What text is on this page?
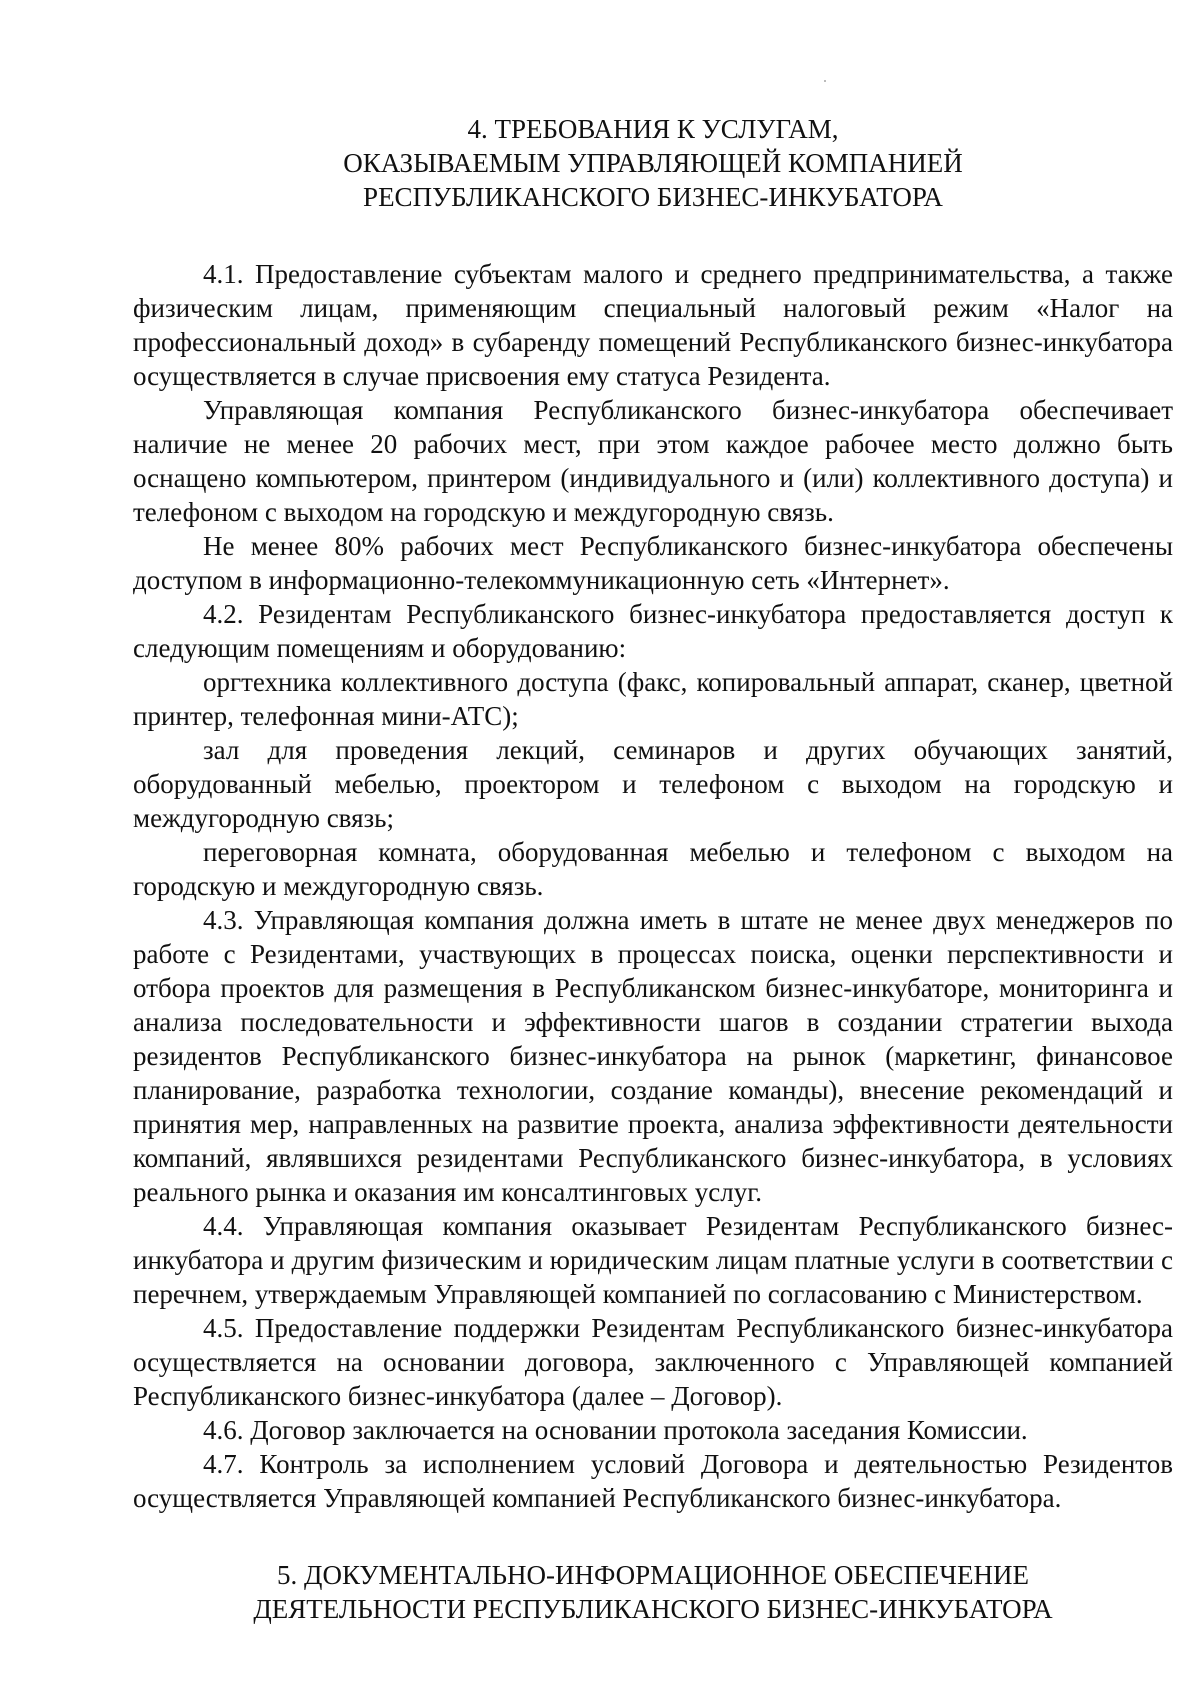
4. ТРЕБОВАНИЯ К УСЛУГАМ,
ОКАЗЫВАЕМЫМ УПРАВЛЯЮЩЕЙ КОМПАНИЕЙ
РЕСПУБЛИКАНСКОГО БИЗНЕС-ИНКУБАТОРА

4.1. Предоставление субъектам малого и среднего предпринимательства, а также физическим лицам, применяющим специальный налоговый режим «Налог на профессиональный доход» в субаренду помещений Республиканского бизнес-инкубатора осуществляется в случае присвоения ему статуса Резидента.

Управляющая компания Республиканского бизнес-инкубатора обеспечивает наличие не менее 20 рабочих мест, при этом каждое рабочее место должно быть оснащено компьютером, принтером (индивидуального и (или) коллективного доступа) и телефоном с выходом на городскую и междугородную связь.

Не менее 80% рабочих мест Республиканского бизнес-инкубатора обеспечены доступом в информационно-телекоммуникационную сеть «Интернет».

4.2. Резидентам Республиканского бизнес-инкубатора предоставляется доступ к следующим помещениям и оборудованию:

оргтехника коллективного доступа (факс, копировальный аппарат, сканер, цветной принтер, телефонная мини-АТС);

зал для проведения лекций, семинаров и других обучающих занятий, оборудованный мебелью, проектором и телефоном с выходом на городскую и междугородную связь;

переговорная комната, оборудованная мебелью и телефоном с выходом на городскую и междугородную связь.

4.3. Управляющая компания должна иметь в штате не менее двух менеджеров по работе с Резидентами, участвующих в процессах поиска, оценки перспективности и отбора проектов для размещения в Республиканском бизнес-инкубаторе, мониторинга и анализа последовательности и эффективности шагов в создании стратегии выхода резидентов Республиканского бизнес-инкубатора на рынок (маркетинг, финансовое планирование, разработка технологии, создание команды), внесение рекомендаций и принятия мер, направленных на развитие проекта, анализа эффективности деятельности компаний, являвшихся резидентами Республиканского бизнес-инкубатора, в условиях реального рынка и оказания им консалтинговых услуг.

4.4. Управляющая компания оказывает Резидентам Республиканского бизнес-инкубатора и другим физическим и юридическим лицам платные услуги в соответствии с перечнем, утверждаемым Управляющей компанией по согласованию с Министерством.

4.5. Предоставление поддержки Резидентам Республиканского бизнес-инкубатора осуществляется на основании договора, заключенного с Управляющей компанией Республиканского бизнес-инкубатора (далее – Договор).

4.6. Договор заключается на основании протокола заседания Комиссии.

4.7. Контроль за исполнением условий Договора и деятельностью Резидентов осуществляется Управляющей компанией Республиканского бизнес-инкубатора.

5. ДОКУМЕНТАЛЬНО-ИНФОРМАЦИОННОЕ ОБЕСПЕЧЕНИЕ
ДЕЯТЕЛЬНОСТИ РЕСПУБЛИКАНСКОГО БИЗНЕС-ИНКУБАТОРА
